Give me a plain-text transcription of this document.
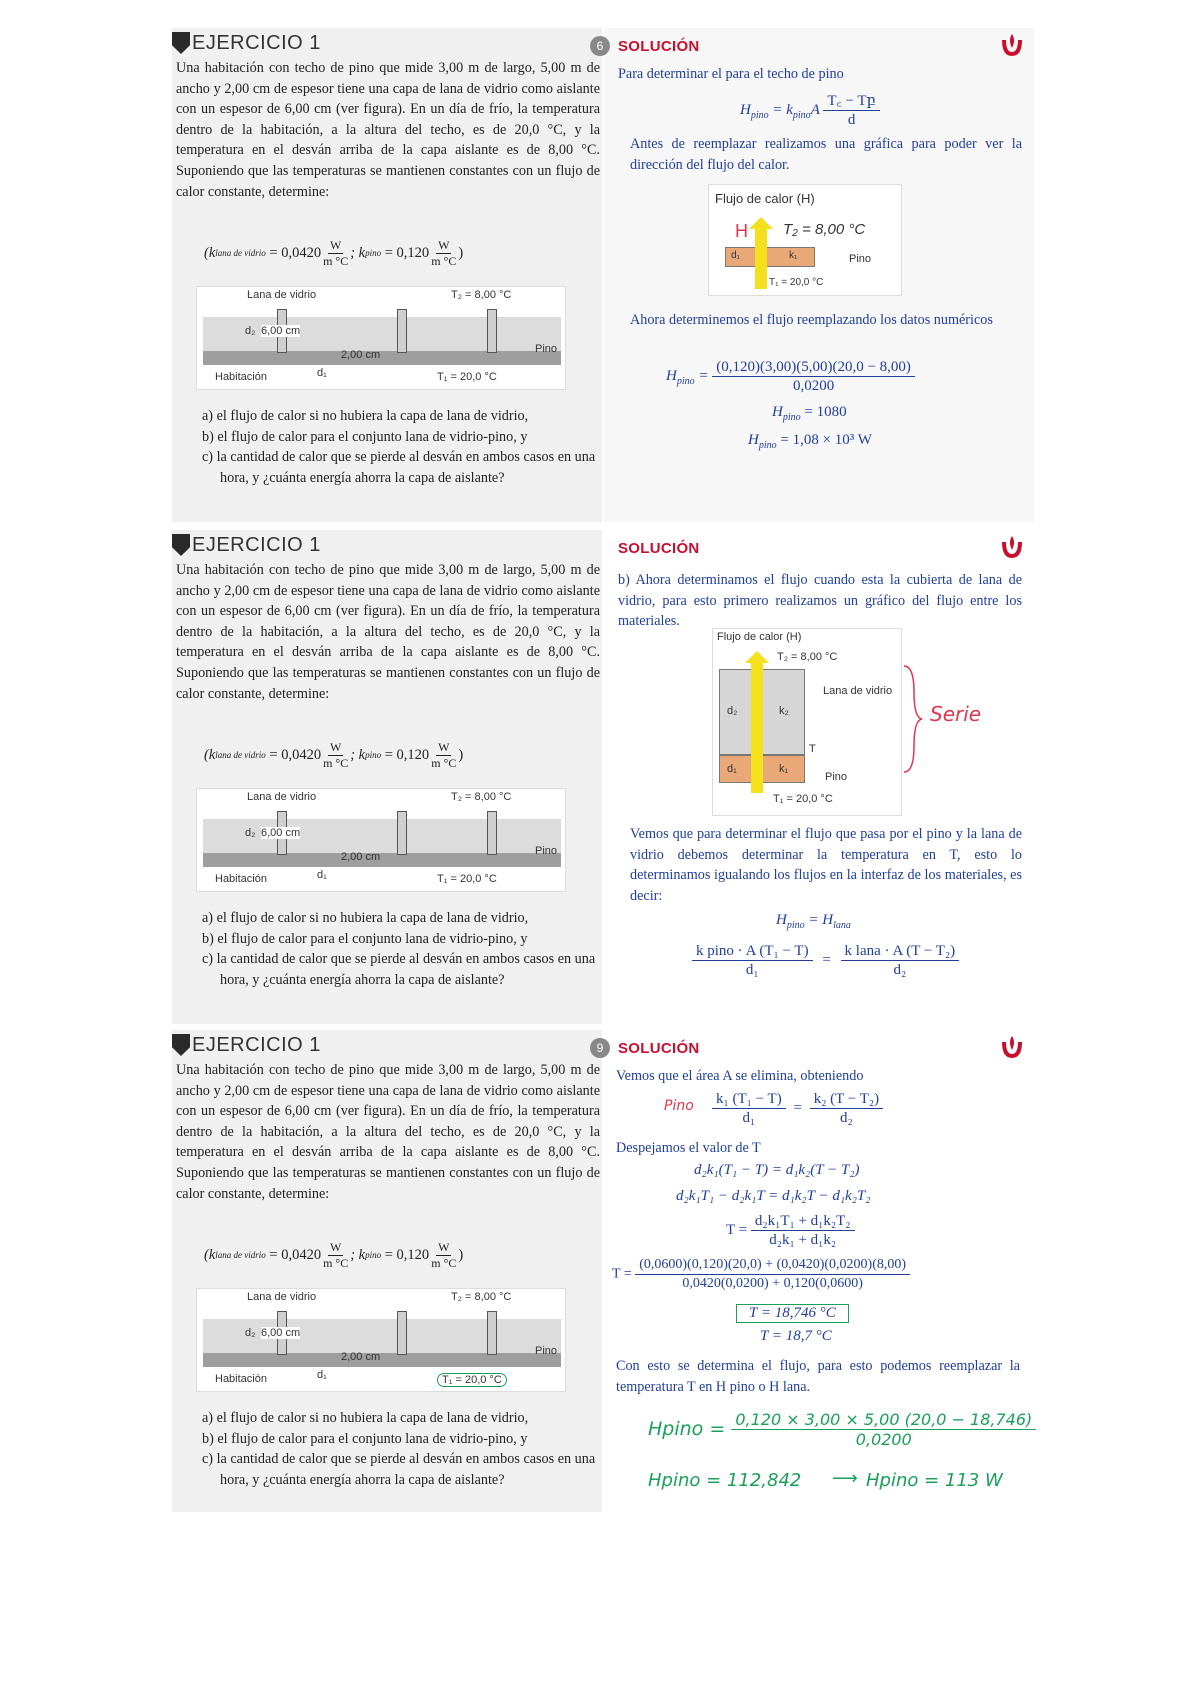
EJERCICIO 1
Una habitación con techo de pino que mide 3,00 m de largo, 5,00 m de ancho y 2,00 cm de espesor tiene una capa de lana de vidrio como aislante con un espesor de 6,00 cm (ver figura). En un día de frío, la temperatura dentro de la habitación, a la altura del techo, es de 20,0 °C, y la temperatura en el desván arriba de la capa aislante es de 8,00 °C. Suponiendo que las temperaturas se mantienen constantes con un flujo de calor constante, determine:
(k lana de vidrio
= $0,0420 \frac{W}{m ^\circ C}$ ; k pino
= $0,120 \frac{W}{m ^\circ C}$ )
Lana de vidrio	T₂ = 8,00 °C
d₂ 6,00 cm
2,00 cm	Pino
Habitación	d₁	T₁ = 20,0 °C
a) el flujo de calor si no hubiera la capa de lana de vidrio,
b) el flujo de calor para el conjunto lana de vidrio-pino, y
c) la cantidad de calor que se pierde al desván en ambos casos en una hora, y ¿cuánta energía ahorra la capa de aislante?
6 SOLUCIÓN
Para determinar el para el techo de pino
$H_{pino} = k_{pino}A$
T꜀ − Tբ
d
Antes de reemplazar realizamos una gráfica para poder ver la dirección del flujo del calor.
Flujo de calor (H)
H T₂ = 8,00 °C
d₁	k₁	Pino
T₁ = 20,0 °C
Ahora determinemos el flujo reemplazando los datos numéricos
$H_{pino} = \frac{(0,120)(3,00)(5,00)(20,0 - 8,00)}{0,0200}$
$H_{pino} = 1080$
$H_{pino} = 1,08 \times 10^3$ W
EJERCICIO 1
Una habitación con techo de pino que mide 3,00 m de largo, 5,00 m de ancho y 2,00 cm de espesor tiene una capa de lana de vidrio como aislante con un espesor de 6,00 cm (ver figura). En un día de frío, la temperatura dentro de la habitación, a la altura del techo, es de 20,0 °C, y la temperatura en el desván arriba de la capa aislante es de 8,00 °C. Suponiendo que las temperaturas se mantienen constantes con un flujo de calor constante, determine:
(k lana de vidrio
= $0,0420 \frac{W}{m ^\circ C}$ ; k pino
= $0,120 \frac{W}{m ^\circ C}$ )
Lana de vidrio	T₂ = 8,00 °C
d₂ 6,00 cm
2,00 cm	Pino
Habitación	d₁	T₁ = 20,0 °C
a) el flujo de calor si no hubiera la capa de lana de vidrio,
b) el flujo de calor para el conjunto lana de vidrio-pino, y
c) la cantidad de calor que se pierde al desván en ambos casos en una hora, y ¿cuánta energía ahorra la capa de aislante?
SOLUCIÓN
b) Ahora determinamos el flujo cuando esta la cubierta de lana de vidrio, para esto primero realizamos un gráfico del flujo entre los materiales.
Flujo de calor (H)
T₂ = 8,00 °C
Lana de vidrio
d₂	k₂
T
d₁	k₁
Pino
T₁ = 20,0 °C
Serie
Vemos que para determinar el flujo que pasa por el pino y la lana de vidrio debemos determinar la temperatura en T, esto lo determinamos igualando los flujos en la interfaz de los materiales, es decir:
$H_{pino} = H_{lana}$
k pino · A (T₁ − T)
d₁
=
k lana · A (T − T₂)
d₂
EJERCICIO 1
Una habitación con techo de pino que mide 3,00 m de largo, 5,00 m de ancho y 2,00 cm de espesor tiene una capa de lana de vidrio como aislante con un espesor de 6,00 cm (ver figura). En un día de frío, la temperatura dentro de la habitación, a la altura del techo, es de 20,0 °C, y la temperatura en el desván arriba de la capa aislante es de 8,00 °C. Suponiendo que las temperaturas se mantienen constantes con un flujo de calor constante, determine:
(k lana de vidrio
= $0,0420 \frac{W}{m ^\circ C}$ ; k pino
= $0,120 \frac{W}{m ^\circ C}$ )
Lana de vidrio	T₂ = 8,00 °C
d₂ 6,00 cm
2,00 cm	Pino
Habitación	d₁	T₁ = 20,0 °C
a) el flujo de calor si no hubiera la capa de lana de vidrio,
b) el flujo de calor para el conjunto lana de vidrio-pino, y
c) la cantidad de calor que se pierde al desván en ambos casos en una hora, y ¿cuánta energía ahorra la capa de aislante?
9 SOLUCIÓN
Vemos que el área A se elimina, obteniendo
Pino $\frac{\text{k₁ (T₁ − T)}}{\text{d₁}} = \frac{\text{k₂ (T − T₂)}}{\text{d₂}}$
Despejamos el valor de T
d₂k₁(T₁ − T) = d₁k₂(T − T₂)
d₂k₁T₁ − d₂k₁T = d₁k₂T − d₁k₂T₂
$T = \frac{\text{d₂k₁T₁ + d₁k₂T₂}}{\text{d₂k₁ + d₁k₂}}$
$T = \frac{(0,0600)(0,120)(20,0) + (0,0420)(0,0200)(8,00)}{0,0420(0,0200) + 0,120(0,0600)}$
T = 18,746 °C
T = 18,7 °C
Con esto se determina el flujo, para esto podemos reemplazar la temperatura T en H pino o H lana.
Hpino = $\frac{0,120 \times 3,00 \times 5,00 (20,0 - 18,746)}{0,0200}$
Hpino = 112,842 ⟶ Hpino = 113 W
